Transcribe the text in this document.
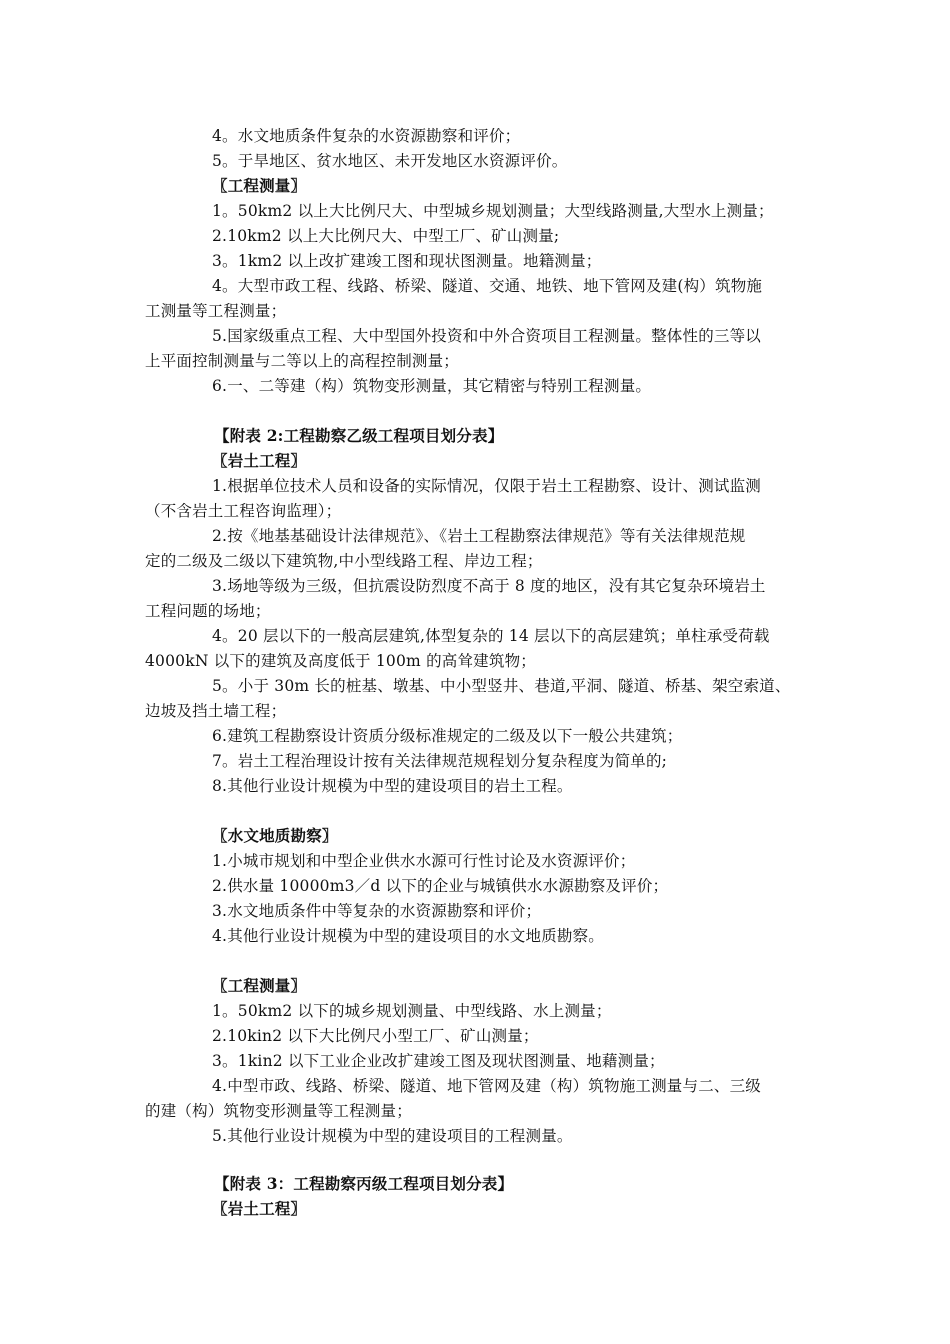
4。水文地质条件复杂的水资源勘察和评价；
5。于旱地区、贫水地区、未开发地区水资源评价。
〖工程测量〗
1。50km2 以上大比例尺大、中型城乡规划测量；大型线路测量,大型水上测量；
2.10km2 以上大比例尺大、中型工厂、矿山测量;
3。1km2 以上改扩建竣工图和现状图测量。地籍测量；
4。大型市政工程、线路、桥梁、隧道、交通、地铁、地下管网及建(构）筑物施
工测量等工程测量；
5.国家级重点工程、大中型国外投资和中外合资项目工程测量。整体性的三等以
上平面控制测量与二等以上的高程控制测量；
6.一、二等建（构）筑物变形测量，其它精密与特别工程测量。
【附表 2:工程勘察乙级工程项目划分表】
〖岩土工程〗
1.根据单位技术人员和设备的实际情况，仅限于岩土工程勘察、设计、测试监测
（不含岩土工程咨询监理）；
2.按《地基基础设计法律规范》、《岩土工程勘察法律规范》等有关法律规范规
定的二级及二级以下建筑物,中小型线路工程、岸边工程；
3.场地等级为三级，但抗震设防烈度不高于 8 度的地区，没有其它复杂环境岩土
工程问题的场地；
4。20 层以下的一般高层建筑,体型复杂的 14 层以下的高层建筑；单柱承受荷载
4000kN 以下的建筑及高度低于 100m 的高耸建筑物；
5。小于 30m 长的桩基、墩基、中小型竖井、巷道,平洞、隧道、桥基、架空索道、
边坡及挡土墙工程；
6.建筑工程勘察设计资质分级标准规定的二级及以下一般公共建筑；
7。岩土工程治理设计按有关法律规范规程划分复杂程度为简单的;
8.其他行业设计规模为中型的建设项目的岩土工程。
〖水文地质勘察〗
1.小城市规划和中型企业供水水源可行性讨论及水资源评价；
2.供水量 10000m3／d 以下的企业与城镇供水水源勘察及评价；
3.水文地质条件中等复杂的水资源勘察和评价；
4.其他行业设计规模为中型的建设项目的水文地质勘察。
〖工程测量〗
1。50km2 以下的城乡规划测量、中型线路、水上测量；
2.10kin2 以下大比例尺小型工厂、矿山测量；
3。1kin2 以下工业企业改扩建竣工图及现状图测量、地藉测量；
4.中型市政、线路、桥梁、隧道、地下管网及建（构）筑物施工测量与二、三级
的建（构）筑物变形测量等工程测量；
5.其他行业设计规模为中型的建设项目的工程测量。
【附表 3：工程勘察丙级工程项目划分表】
〖岩土工程〗
